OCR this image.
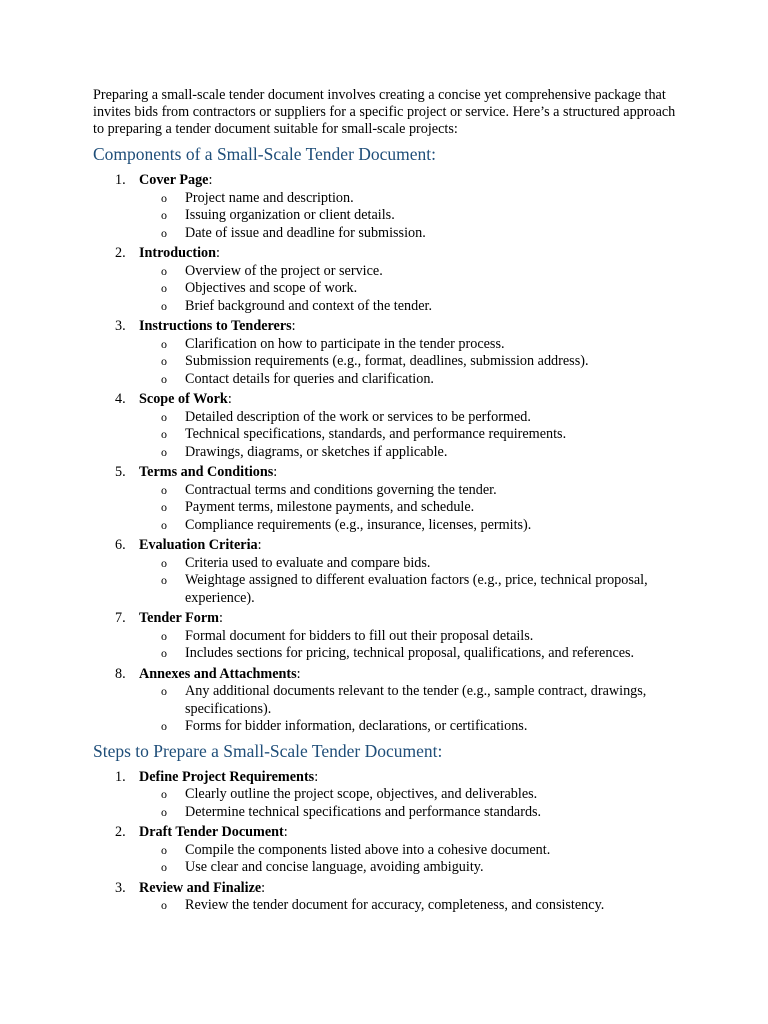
Preparing a small-scale tender document involves creating a concise yet comprehensive package that invites bids from contractors or suppliers for a specific project or service. Here’s a structured approach to preparing a tender document suitable for small-scale projects:

Components of a Small-Scale Tender Document:
1. Cover Page:
o Project name and description.
o Issuing organization or client details.
o Date of issue and deadline for submission.
2. Introduction:
o Overview of the project or service.
o Objectives and scope of work.
o Brief background and context of the tender.
3. Instructions to Tenderers:
o Clarification on how to participate in the tender process.
o Submission requirements (e.g., format, deadlines, submission address).
o Contact details for queries and clarification.
4. Scope of Work:
o Detailed description of the work or services to be performed.
o Technical specifications, standards, and performance requirements.
o Drawings, diagrams, or sketches if applicable.
5. Terms and Conditions:
o Contractual terms and conditions governing the tender.
o Payment terms, milestone payments, and schedule.
o Compliance requirements (e.g., insurance, licenses, permits).
6. Evaluation Criteria:
o Criteria used to evaluate and compare bids.
o Weightage assigned to different evaluation factors (e.g., price, technical proposal, experience).
7. Tender Form:
o Formal document for bidders to fill out their proposal details.
o Includes sections for pricing, technical proposal, qualifications, and references.
8. Annexes and Attachments:
o Any additional documents relevant to the tender (e.g., sample contract, drawings, specifications).
o Forms for bidder information, declarations, or certifications.
Steps to Prepare a Small-Scale Tender Document:
1. Define Project Requirements:
o Clearly outline the project scope, objectives, and deliverables.
o Determine technical specifications and performance standards.
2. Draft Tender Document:
o Compile the components listed above into a cohesive document.
o Use clear and concise language, avoiding ambiguity.
3. Review and Finalize:
o Review the tender document for accuracy, completeness, and consistency.
